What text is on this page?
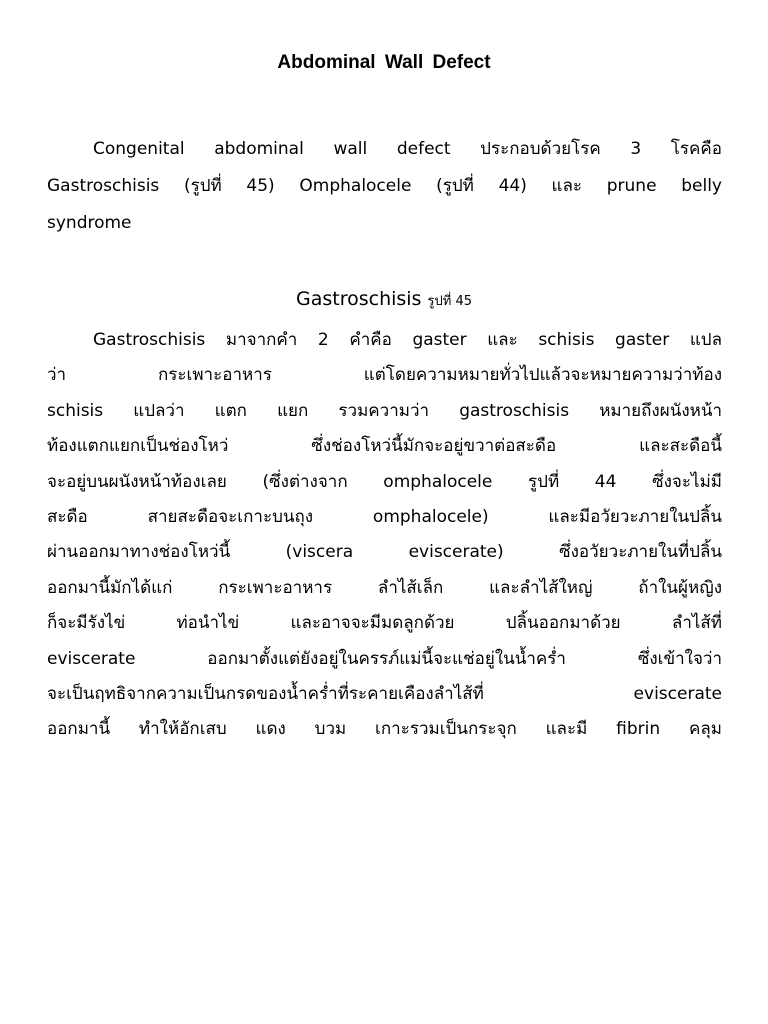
Abdominal Wall Defect
Congenital abdominal wall defect ประกอบด้วยโรค 3 โรคคือ
Gastroschisis (รูปที่ 45) Omphalocele (รูปที่ 44) และ prune belly
syndrome
Gastroschisis รูปที่ 45
Gastroschisis มาจากคำ 2 คำคือ gaster และ schisis gaster แปล
ว่า กระเพาะอาหาร แต่โดยความหมายทั่วไปแล้วจะหมายความว่าท้อง
schisis แปลว่า แตก แยก รวมความว่า gastroschisis หมายถึงผนังหน้า
ท้องแตกแยกเป็นช่องโหว่ ซึ่งช่องโหว่นี้มักจะอยู่ขวาต่อสะดือ และสะดือนี้
จะอยู่บนผนังหน้าท้องเลย (ซึ่งต่างจาก omphalocele รูปที่ 44 ซึ่งจะไม่มี
สะดือ สายสะดือจะเกาะบนถุง omphalocele) และมีอวัยวะภายในปลิ้น
ผ่านออกมาทางช่องโหว่นี้ (viscera eviscerate) ซึ่งอวัยวะภายในที่ปลิ้น
ออกมานี้มักได้แก่ กระเพาะอาหาร ลำไส้เล็ก และลำไส้ใหญ่ ถ้าในผู้หญิง
ก็จะมีรังไข่ ท่อนำไข่ และอาจจะมีมดลูกด้วย ปลิ้นออกมาด้วย ลำไส้ที่
eviscerate ออกมาตั้งแต่ยังอยู่ในครรภ์แม่นี้จะแช่อยู่ในน้ำคร่ำ ซึ่งเข้าใจว่า
จะเป็นฤทธิจากความเป็นกรดของน้ำคร่ำที่ระคายเคืองลำไส้ที่ eviscerate
ออกมานี้ ทำให้อักเสบ แดง บวม เกาะรวมเป็นกระจุก และมี fibrin คลุม
